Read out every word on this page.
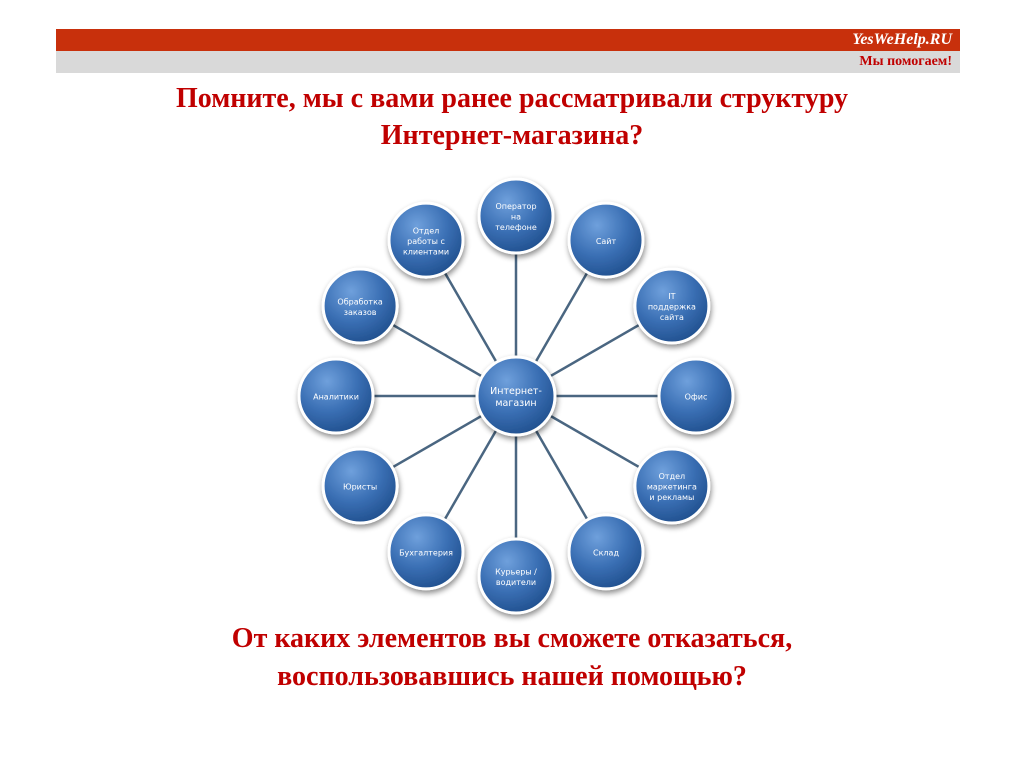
YesWeHelp.RU
Мы помогаем!
Помните, мы с вами ранее рассматривали структуру
Интернет-магазина?
Оператор на телефоне
Сайт
IT поддержка сайта
Офис
Отдел маркетинга и рекламы
Склад
Курьеры / водители
Бухгалтерия
Юристы
Аналитики
Обработка заказов
Отдел работы с клиентами
Интернет-магазин
От каких элементов вы сможете отказаться,
воспользовавшись нашей помощью?
